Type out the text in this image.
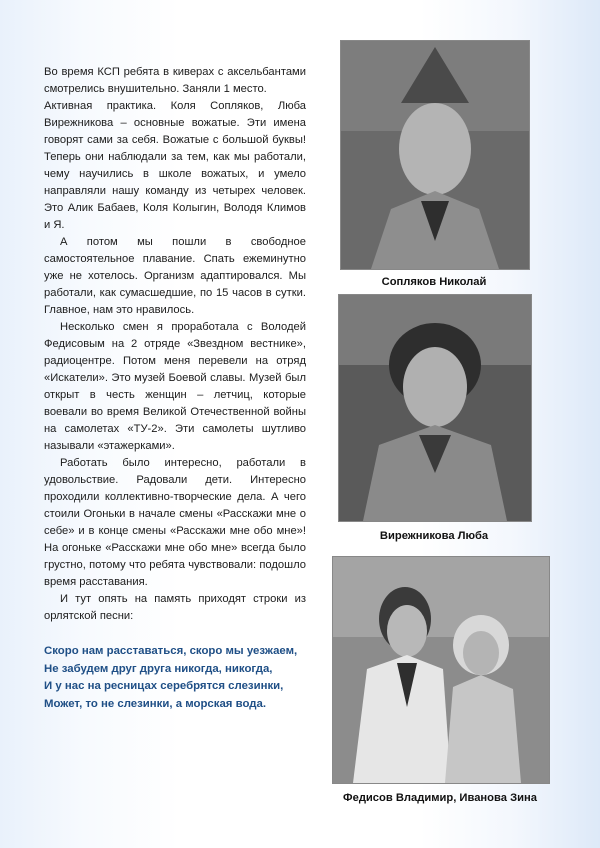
Во время КСП ребята в киверах с аксельбантами смотрелись внушительно. Заняли 1 место.

Активная практика. Коля Сопляков, Люба Вирежникова – основные вожатые. Эти имена говорят сами за себя. Вожатые с большой буквы! Теперь они наблюдали за тем, как мы работали, чему научились в школе вожатых, и умело направляли нашу команду из четырех человек. Это Алик Бабаев, Коля Колыгин, Володя Климов и Я.

А потом мы пошли в свободное самостоятельное плавание. Спать ежеминутно уже не хотелось. Организм адаптировался. Мы работали, как сумасшедшие, по 15 часов в сутки. Главное, нам это нравилось.

Несколько смен я проработала с Володей Федисовым на 2 отряде «Звездном вестнике», радиоцентре. Потом меня перевели на отряд «Искатели». Это музей Боевой славы. Музей был открыт в честь женщин – летчиц, которые воевали во время Великой Отечественной войны на самолетах «ТУ-2». Эти самолеты шутливо называли «этажерками».

Работать было интересно, работали в удовольствие. Радовали дети. Интересно проходили коллективно-творческие дела. А чего стоили Огоньки в начале смены «Расскажи мне о себе» и в конце смены «Расскажи мне обо мне»! На огоньке «Расскажи мне обо мне» всегда было грустно, потому что ребята чувствовали: подошло время расставания.

И тут опять на память приходят строки из орлятской песни:

Скоро нам расставаться, скоро мы уезжаем,
Не забудем друг друга никогда, никогда,
И у нас на ресницах серебрятся слезинки,
Может, то не слезинки, а морская вода.
Сопляков Николай
Вирежникова Люба
Федисов Владимир, Иванова Зина
